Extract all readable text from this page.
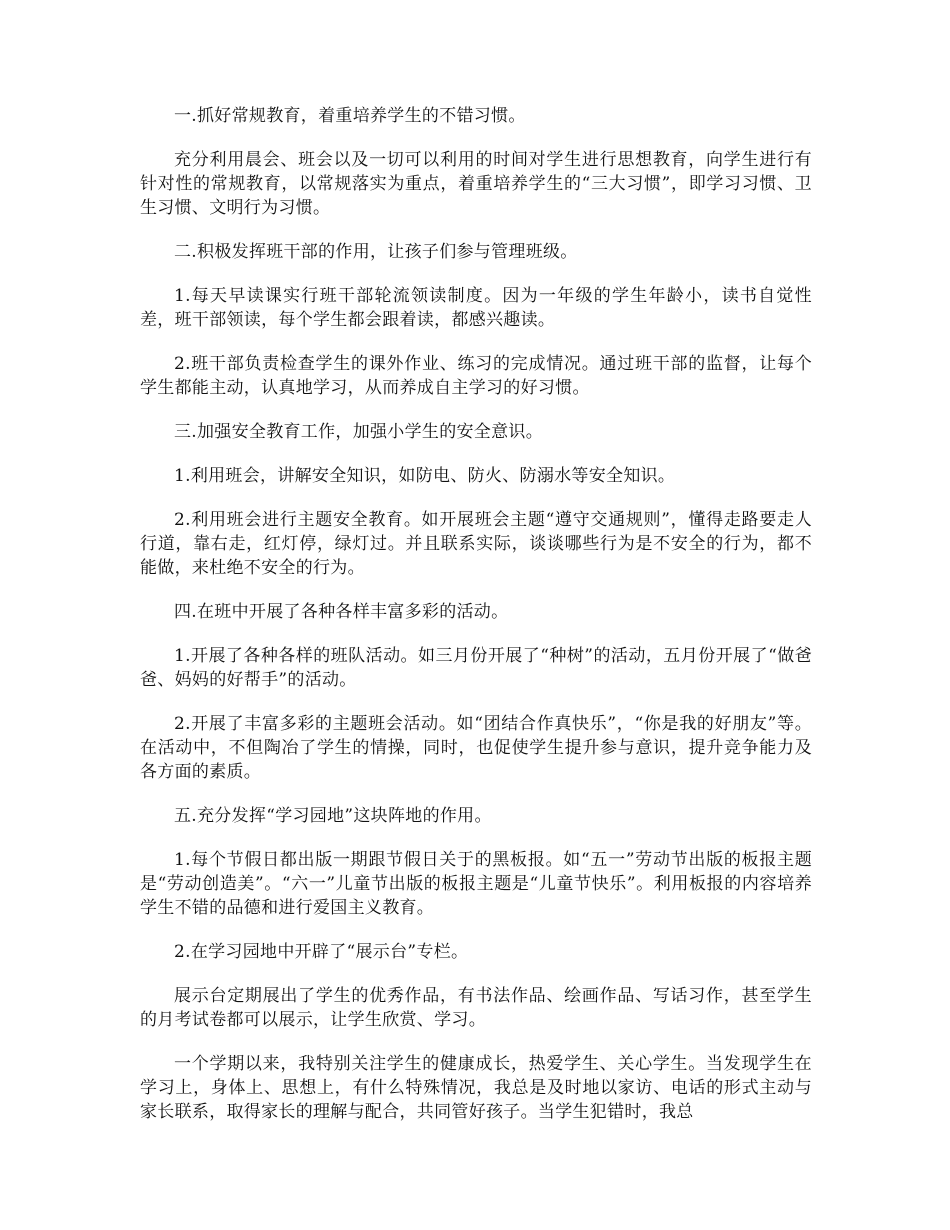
一.抓好常规教育，着重培养学生的不错习惯。

充分利用晨会、班会以及一切可以利用的时间对学生进行思想教育，向学生进行有针对性的常规教育，以常规落实为重点，着重培养学生的“三大习惯”，即学习习惯、卫生习惯、文明行为习惯。

二.积极发挥班干部的作用，让孩子们参与管理班级。

1.每天早读课实行班干部轮流领读制度。因为一年级的学生年龄小，读书自觉性差，班干部领读，每个学生都会跟着读，都感兴趣读。

2.班干部负责检查学生的课外作业、练习的完成情况。通过班干部的监督，让每个学生都能主动，认真地学习，从而养成自主学习的好习惯。

三.加强安全教育工作，加强小学生的安全意识。

1.利用班会，讲解安全知识，如防电、防火、防溺水等安全知识。

2.利用班会进行主题安全教育。如开展班会主题“遵守交通规则”，懂得走路要走人行道，靠右走，红灯停，绿灯过。并且联系实际，谈谈哪些行为是不安全的行为，都不能做，来杜绝不安全的行为。

四.在班中开展了各种各样丰富多彩的活动。

1.开展了各种各样的班队活动。如三月份开展了“种树”的活动，五月份开展了“做爸爸、妈妈的好帮手”的活动。

2.开展了丰富多彩的主题班会活动。如“团结合作真快乐”，“你是我的好朋友”等。在活动中，不但陶冶了学生的情操，同时，也促使学生提升参与意识，提升竞争能力及各方面的素质。

五.充分发挥“学习园地”这块阵地的作用。

1.每个节假日都出版一期跟节假日关于的黑板报。如“五一”劳动节出版的板报主题是“劳动创造美”。“六一”儿童节出版的板报主题是“儿童节快乐”。利用板报的内容培养学生不错的品德和进行爱国主义教育。

2.在学习园地中开辟了“展示台”专栏。

展示台定期展出了学生的优秀作品，有书法作品、绘画作品、写话习作，甚至学生的月考试卷都可以展示，让学生欣赏、学习。

一个学期以来，我特别关注学生的健康成长，热爱学生、关心学生。当发现学生在学习上，身体上、思想上，有什么特殊情况，我总是及时地以家访、电话的形式主动与家长联系，取得家长的理解与配合，共同管好孩子。当学生犯错时，我总
